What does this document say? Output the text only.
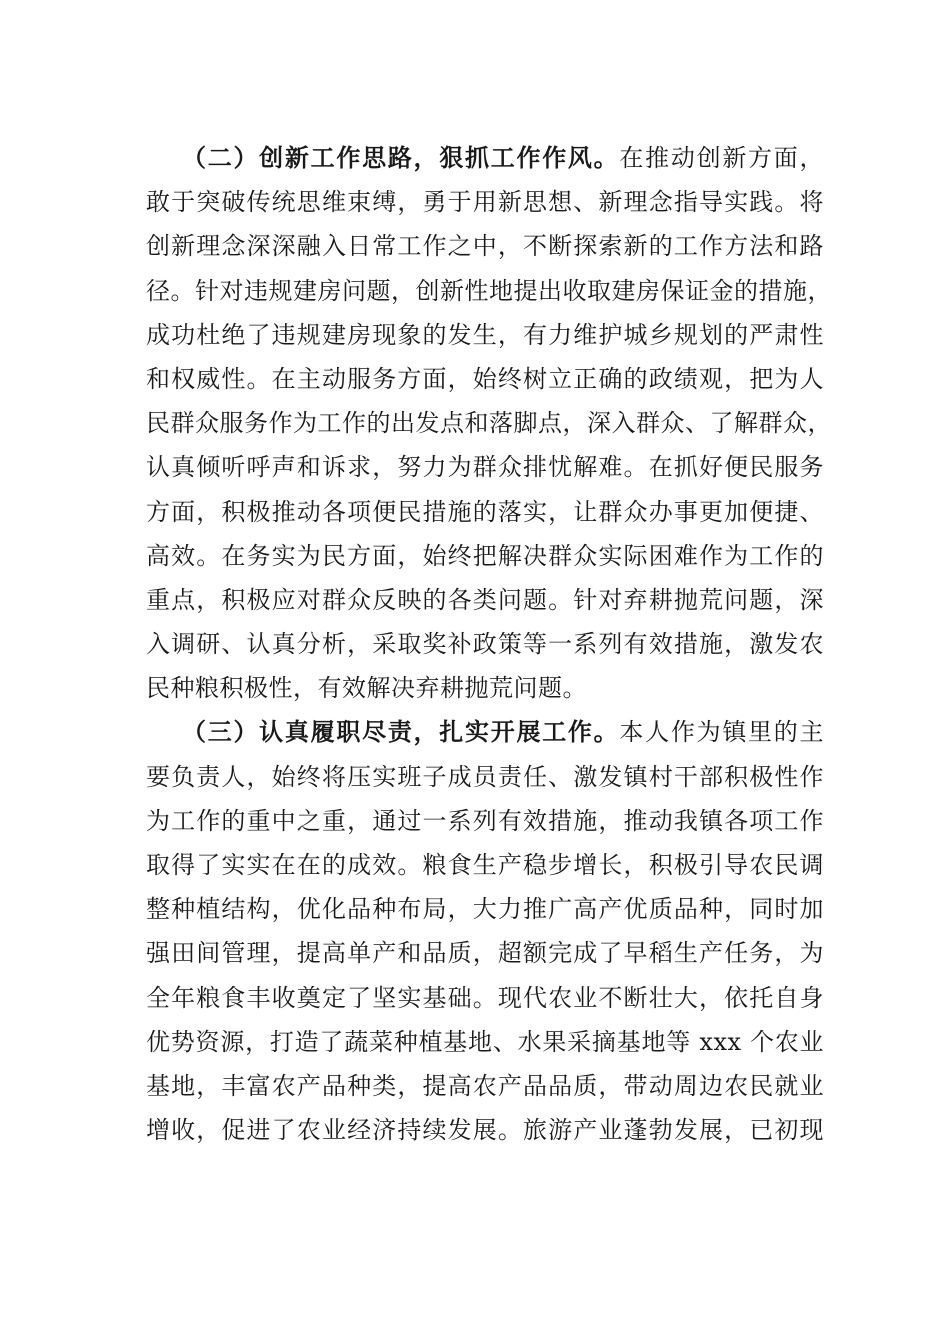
（二）创新工作思路，狠抓工作作风。在推动创新方面，
敢于突破传统思维束缚，勇于用新思想、新理念指导实践。将
创新理念深深融入日常工作之中，不断探索新的工作方法和路
径。针对违规建房问题，创新性地提出收取建房保证金的措施，
成功杜绝了违规建房现象的发生，有力维护城乡规划的严肃性
和权威性。在主动服务方面，始终树立正确的政绩观，把为人
民群众服务作为工作的出发点和落脚点，深入群众、了解群众，
认真倾听呼声和诉求，努力为群众排忧解难。在抓好便民服务
方面，积极推动各项便民措施的落实，让群众办事更加便捷、
高效。在务实为民方面，始终把解决群众实际困难作为工作的
重点，积极应对群众反映的各类问题。针对弃耕抛荒问题，深
入调研、认真分析，采取奖补政策等一系列有效措施，激发农
民种粮积极性，有效解决弃耕抛荒问题。
（三）认真履职尽责，扎实开展工作。本人作为镇里的主
要负责人，始终将压实班子成员责任、激发镇村干部积极性作
为工作的重中之重，通过一系列有效措施，推动我镇各项工作
取得了实实在在的成效。粮食生产稳步增长，积极引导农民调
整种植结构，优化品种布局，大力推广高产优质品种，同时加
强田间管理，提高单产和品质，超额完成了早稻生产任务，为
全年粮食丰收奠定了坚实基础。现代农业不断壮大，依托自身
优势资源，打造了蔬菜种植基地、水果采摘基地等 xxx 个农业
基地，丰富农产品种类，提高农产品品质，带动周边农民就业
增收，促进了农业经济持续发展。旅游产业蓬勃发展，已初现
